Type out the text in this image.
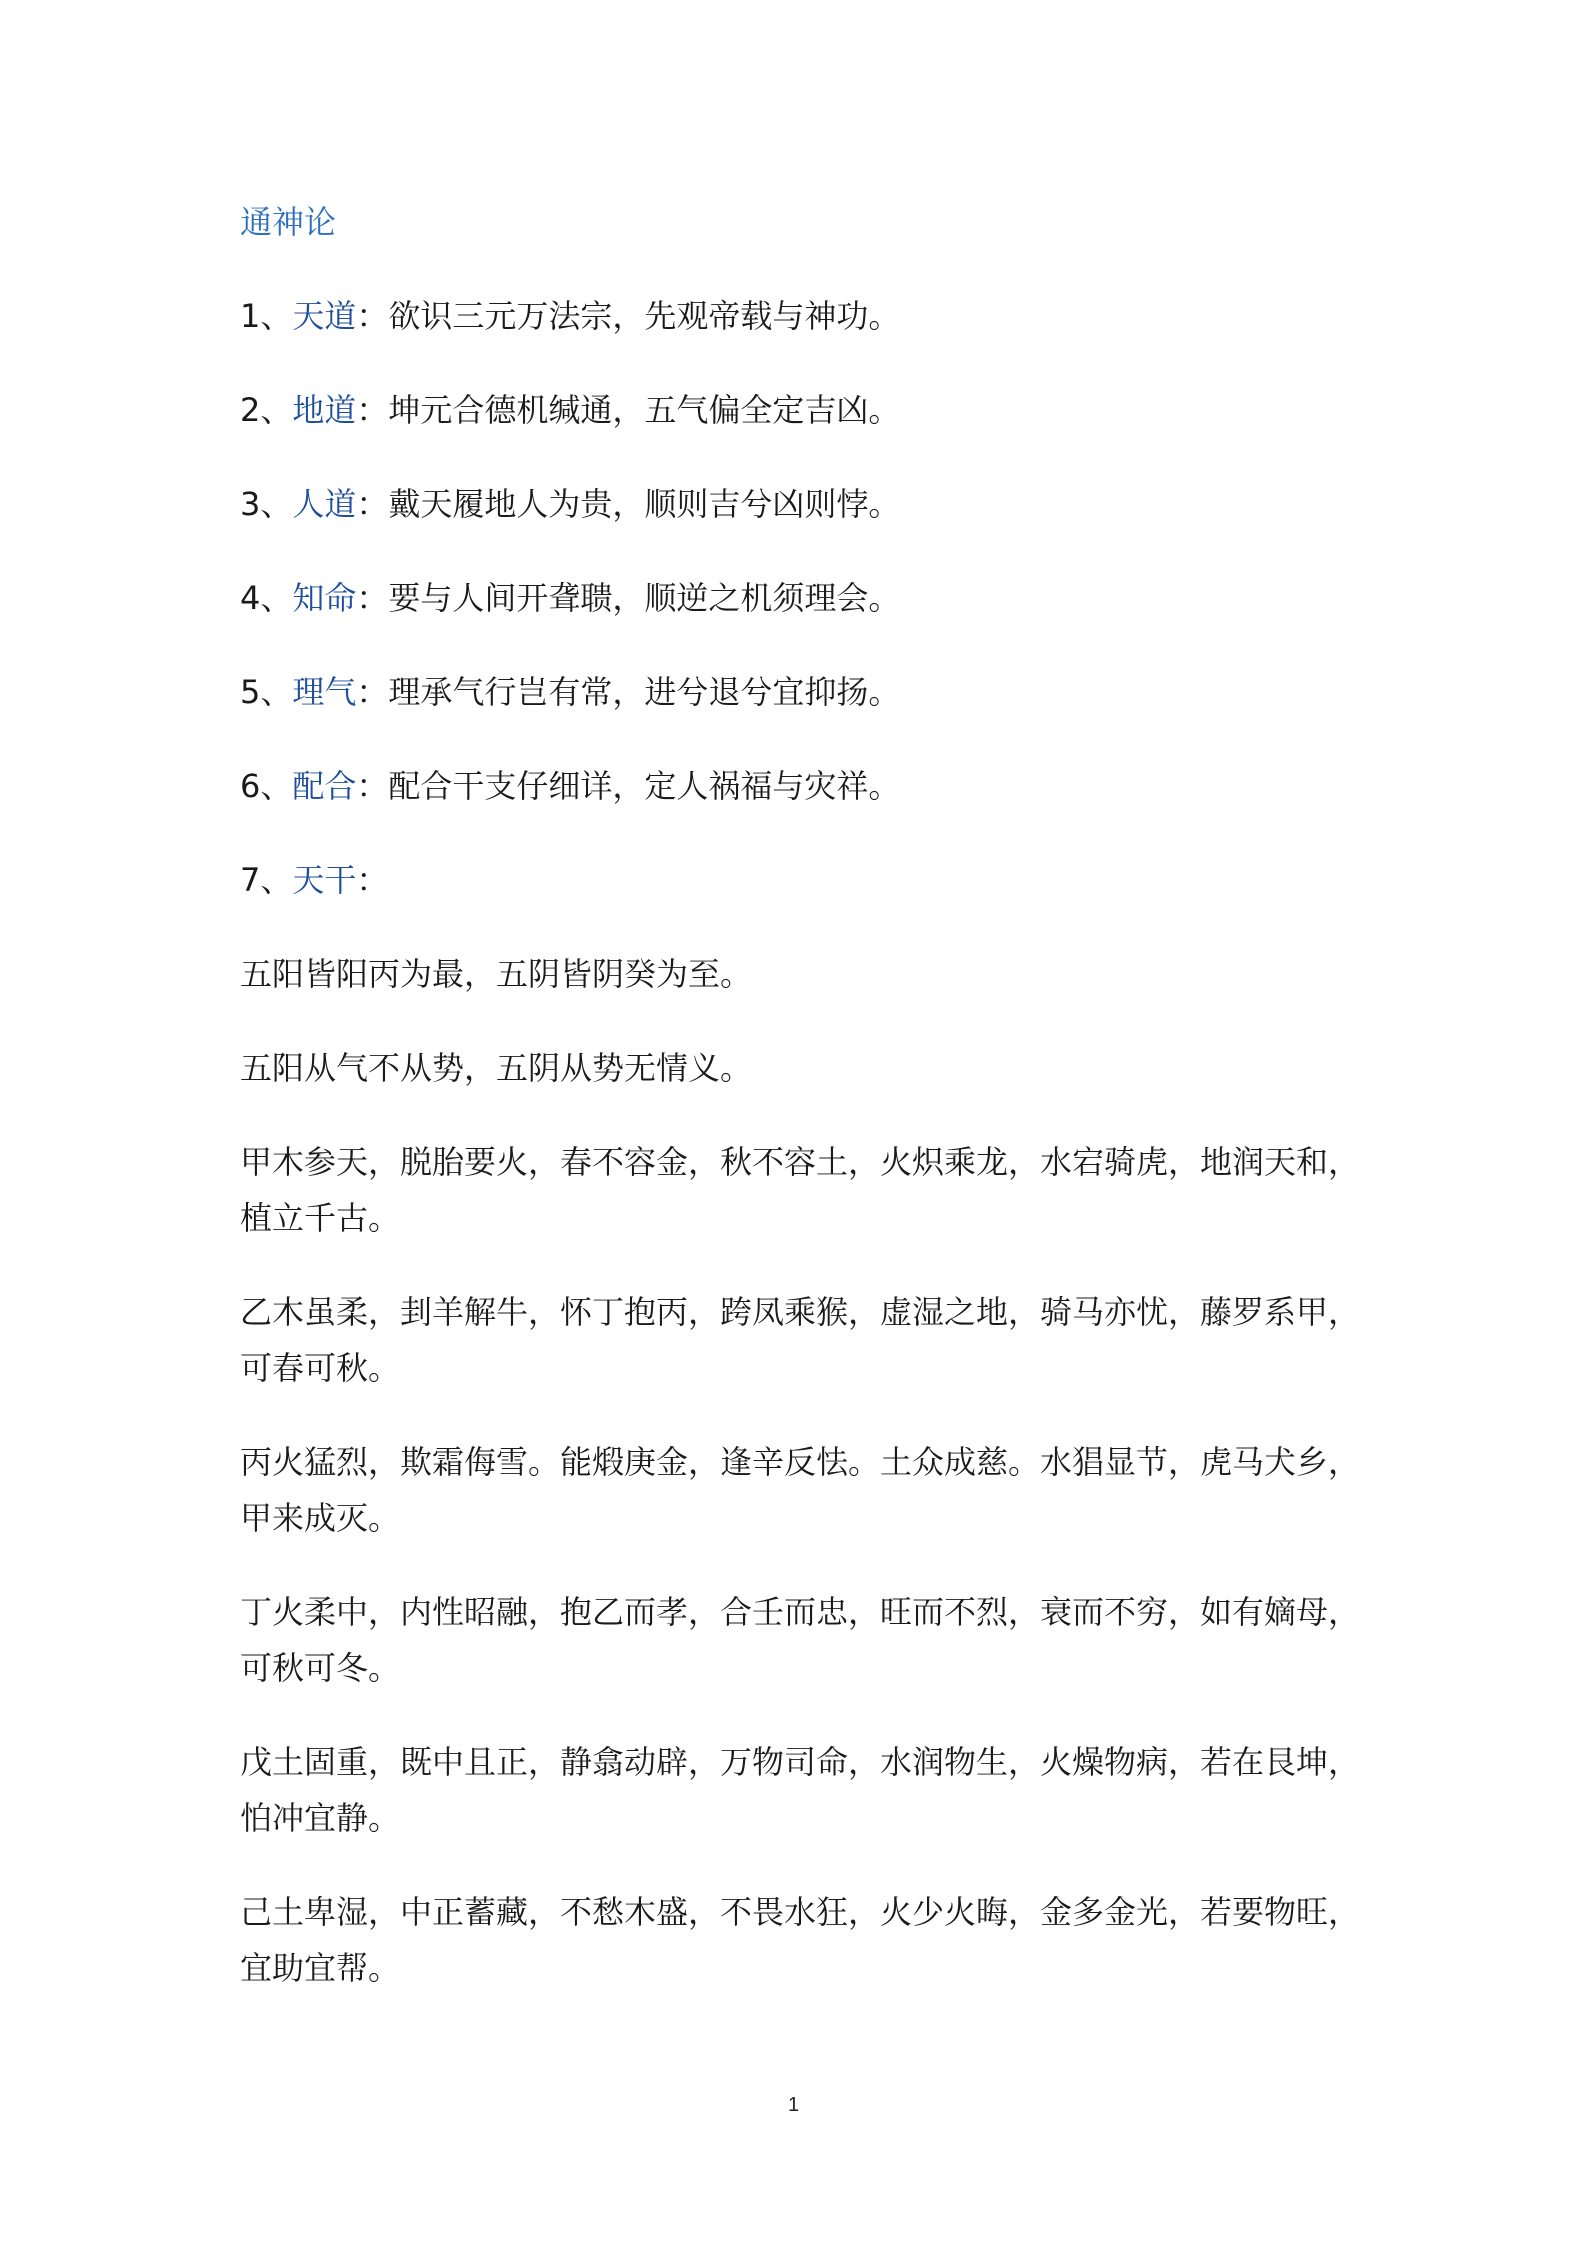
通神论
1、天道：欲识三元万法宗，先观帝载与神功。
2、地道：坤元合德机缄通，五气偏全定吉凶。
3、人道：戴天履地人为贵，顺则吉兮凶则悖。
4、知命：要与人间开聋聩，顺逆之机须理会。
5、理气：理承气行岂有常，进兮退兮宜抑扬。
6、配合：配合干支仔细详，定人祸福与灾祥。
7、天干：
五阳皆阳丙为最，五阴皆阴癸为至。
五阳从气不从势，五阴从势无情义。
甲木参天，脱胎要火，春不容金，秋不容土，火炽乘龙，水宕骑虎，地润天和，
植立千古。
乙木虽柔，刲羊解牛，怀丁抱丙，跨凤乘猴，虚湿之地，骑马亦忧，藤罗系甲，
可春可秋。
丙火猛烈，欺霜侮雪。能煅庚金，逢辛反怯。土众成慈。水猖显节，虎马犬乡，
甲来成灭。
丁火柔中，内性昭融，抱乙而孝，合壬而忠，旺而不烈，衰而不穷，如有嫡母，
可秋可冬。
戊土固重，既中且正，静翕动辟，万物司命，水润物生，火燥物病，若在艮坤，
怕冲宜静。
己土卑湿，中正蓄藏，不愁木盛，不畏水狂，火少火晦，金多金光，若要物旺，
宜助宜帮。
1
